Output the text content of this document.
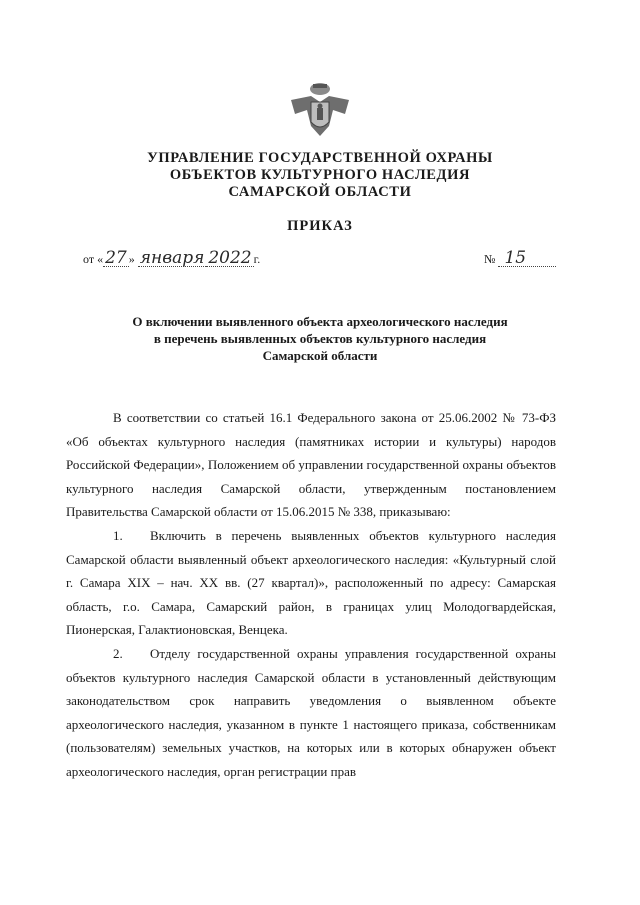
УПРАВЛЕНИЕ ГОСУДАРСТВЕННОЙ ОХРАНЫ
ОБЪЕКТОВ КУЛЬТУРНОГО НАСЛЕДИЯ
САМАРСКОЙ ОБЛАСТИ
ПРИКАЗ
от « 27 » января 2022 г.	№ 15
О включении выявленного объекта археологического наследия
в перечень выявленных объектов культурного наследия
Самарской области

В соответствии со статьей 16.1 Федерального закона от 25.06.2002 № 73-ФЗ «Об объектах культурного наследия (памятниках истории и культуры) народов Российской Федерации», Положением об управлении государственной охраны объектов культурного наследия Самарской области, утвержденным постановлением Правительства Самарской области от 15.06.2015 № 338, приказываю:

1. Включить в перечень выявленных объектов культурного наследия Самарской области выявленный объект археологического наследия: «Культурный слой г. Самара XIX – нач. XX вв. (27 квартал)», расположенный по адресу: Самарская область, г.о. Самара, Самарский район, в границах улиц Молодогвардейская, Пионерская, Галактионовская, Венцека.

2. Отделу государственной охраны управления государственной охраны объектов культурного наследия Самарской области в установленный действующим законодательством срок направить уведомления о выявленном объекте археологического наследия, указанном в пункте 1 настоящего приказа, собственникам (пользователям) земельных участков, на которых или в которых обнаружен объект археологического наследия, орган регистрации прав
